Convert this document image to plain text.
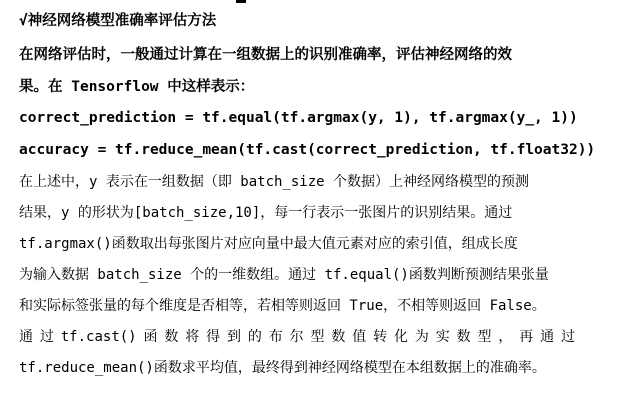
√神经网络模型准确率评估方法
在网络评估时，一般通过计算在一组数据上的识别准确率，评估神经网络的效
果。在 Tensorflow 中这样表示：
correct_prediction = tf.equal(tf.argmax(y, 1), tf.argmax(y_, 1))
accuracy = tf.reduce_mean(tf.cast(correct_prediction, tf.float32))
在上述中，y 表示在一组数据（即 batch_size 个数据）上神经网络模型的预测
结果，y 的形状为[batch_size,10]，每一行表示一张图片的识别结果。通过
tf.argmax()函数取出每张图片对应向量中最大值元素对应的索引值，组成长度
为输入数据 batch_size 个的一维数组。通过 tf.equal()函数判断预测结果张量
和实际标签张量的每个维度是否相等，若相等则返回 True，不相等则返回 False。
通 过 tf.cast() 函 数 将 得 到 的 布 尔 型 数 值 转 化 为 实 数 型 ， 再 通 过
tf.reduce_mean()函数求平均值，最终得到神经网络模型在本组数据上的准确率。
